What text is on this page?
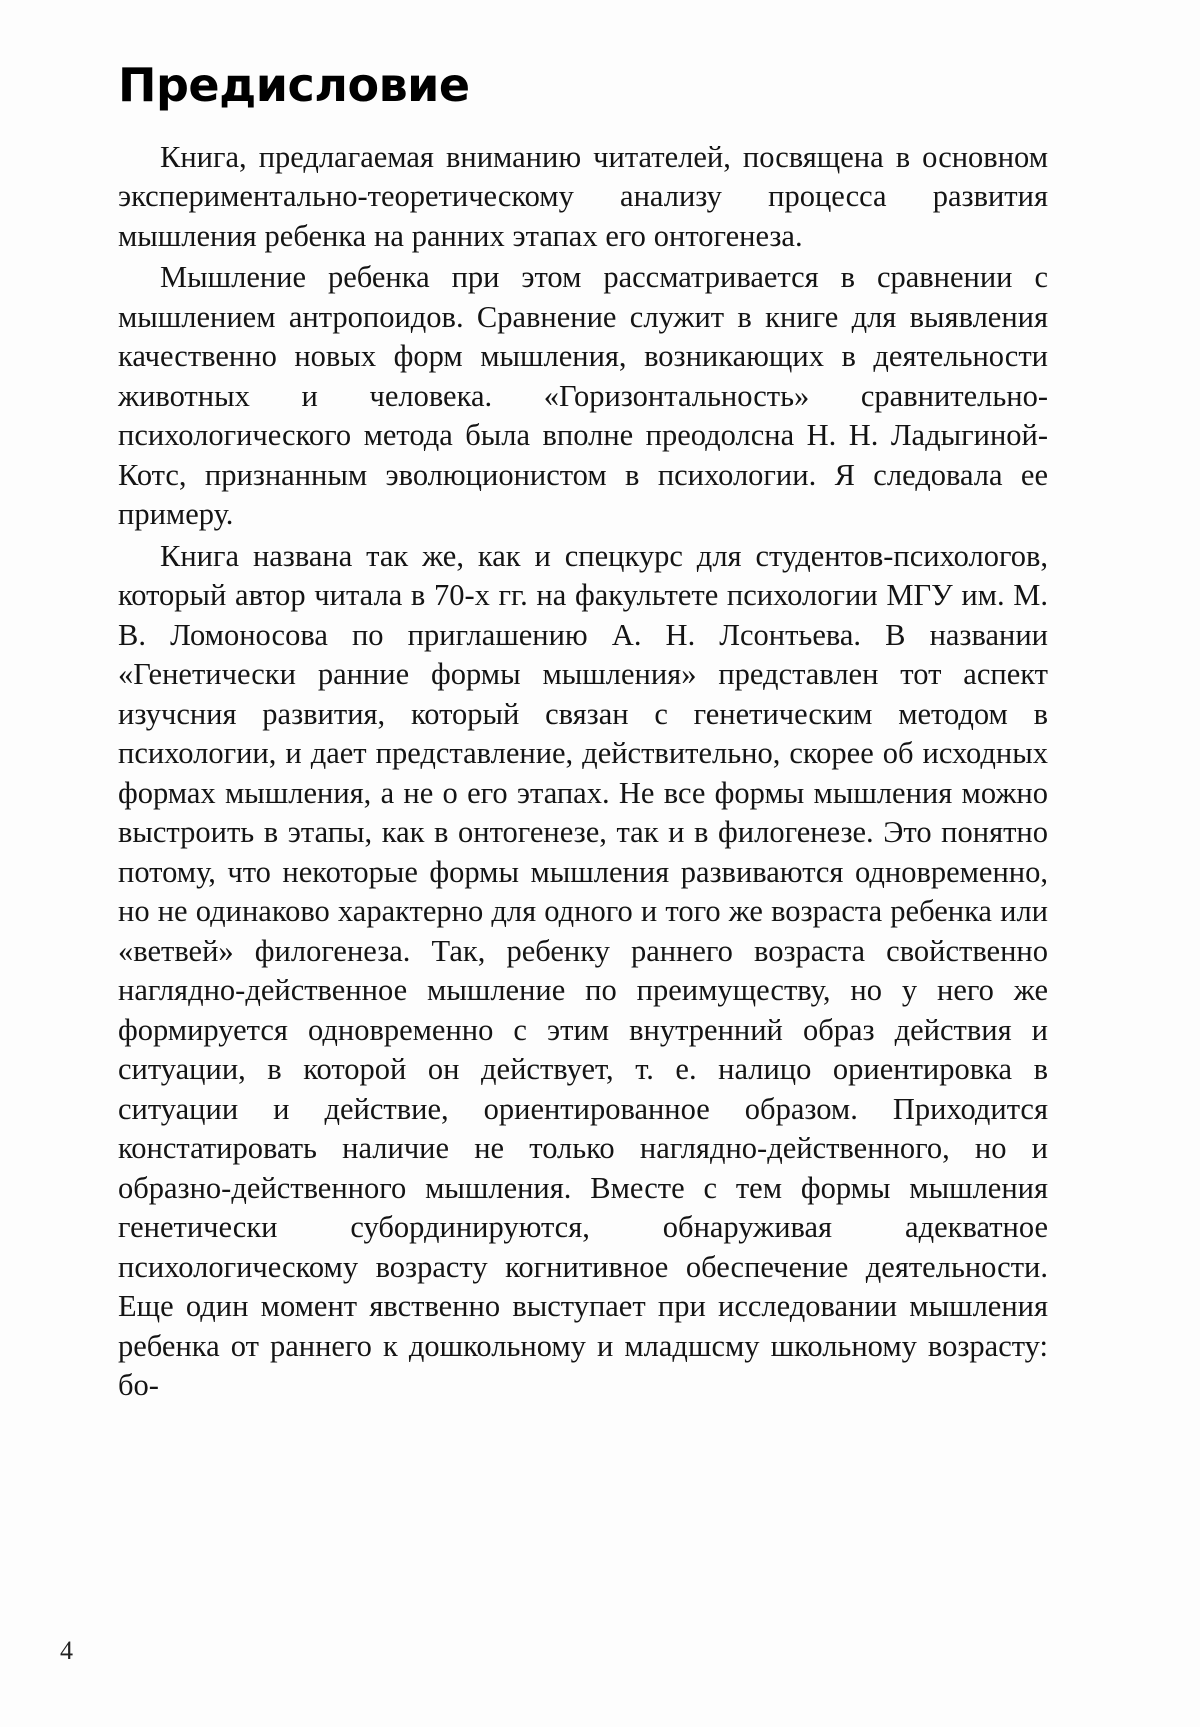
Предисловие

Книга, предлагаемая вниманию читателей, посвящена в основном экспериментально-теоретическому анализу процесса развития мышления ребенка на ранних этапах его онтогенеза.

Мышление ребенка при этом рассматривается в сравнении с мышлением антропоидов. Сравнение служит в книге для выявления качественно новых форм мышления, возникающих в деятельности животных и человека. «Горизонтальность» сравнительно-психологического метода была вполне преодолсна Н. Н. Ладыгиной-Котс, признанным эволюционистом в психологии. Я следовала ее примеру.

Книга названа так же, как и спецкурс для студентов-психологов, который автор читала в 70-х гг. на факультете психологии МГУ им. М. В. Ломоносова по приглашению А. Н. Лсонтьева. В названии «Генетически ранние формы мышления» представлен тот аспект изучсния развития, который связан с генетическим методом в психологии, и дает представление, действительно, скорее об исходных формах мышления, а не о его этапах. Не все формы мышления можно выстроить в этапы, как в онтогенезе, так и в филогенезе. Это понятно потому, что некоторые формы мышления развиваются одновременно, но не одинаково характерно для одного и того же возраста ребенка или «ветвей» филогенеза. Так, ребенку раннего возраста свойственно наглядно-действенное мышление по преимуществу, но у него же формируется одновременно с этим внутренний образ действия и ситуации, в которой он действует, т. е. налицо ориентировка в ситуации и действие, ориентированное образом. Приходится констатировать наличие не только наглядно-действенного, но и образно-действенного мышления. Вместе с тем формы мышления генетически субординируются, обнаруживая адекватное психологическому возрасту когнитивное обеспечение деятельности. Еще один момент явственно выступает при исследовании мышления ребенка от раннего к дошкольному и младшсму школьному возрасту: бо-

4
